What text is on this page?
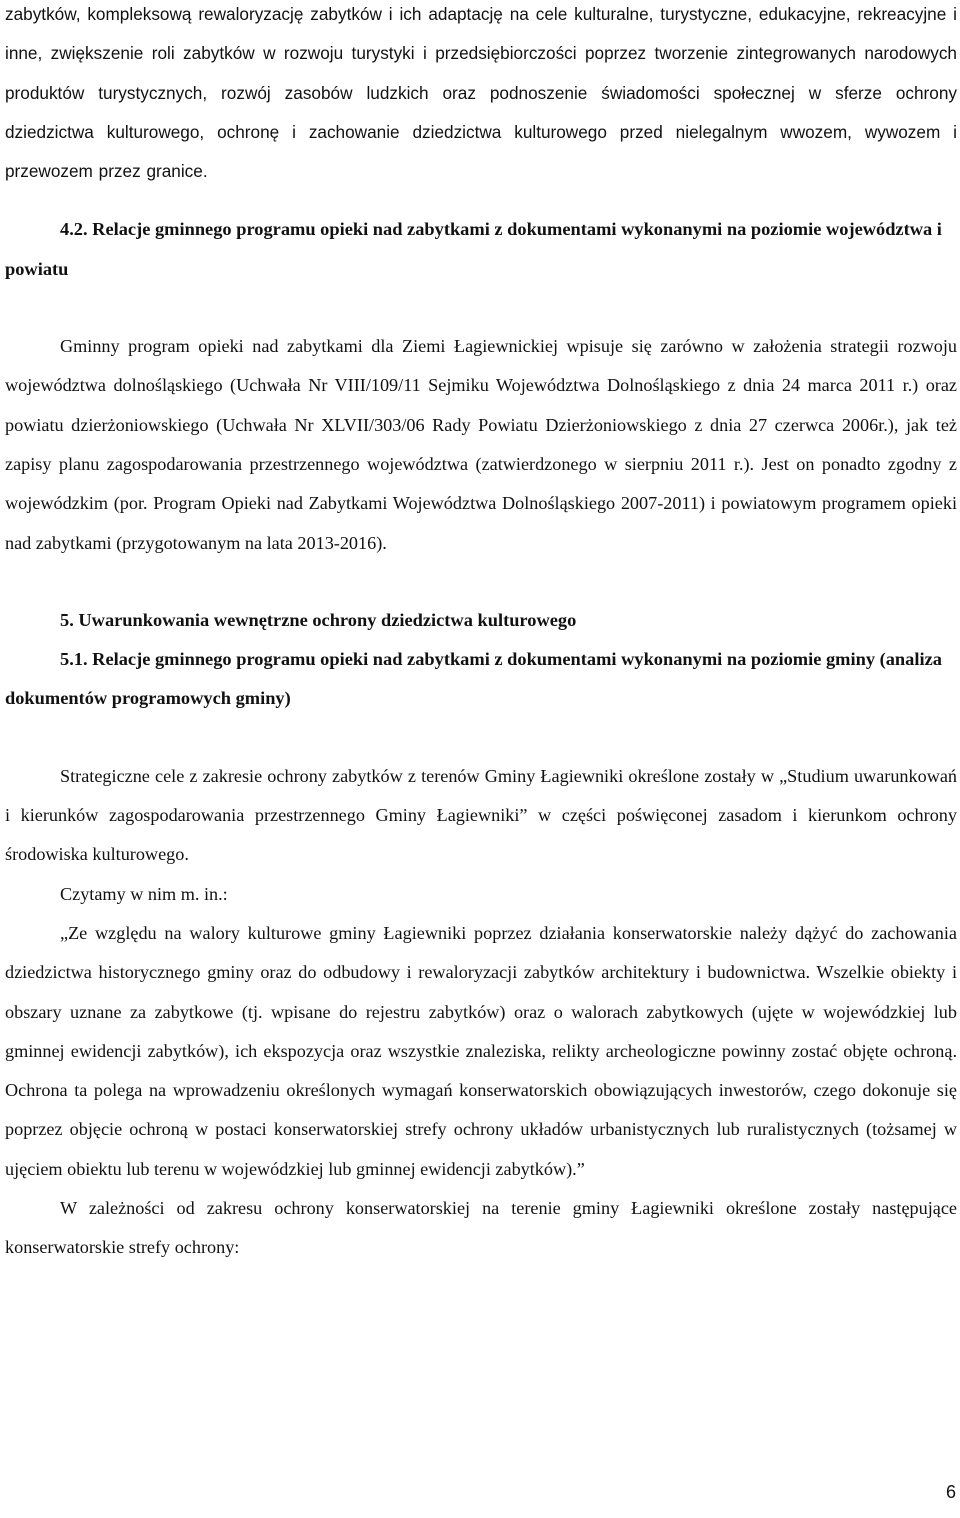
zabytków, kompleksową rewaloryzację zabytków i ich adaptację na cele kulturalne, turystyczne, edukacyjne, rekreacyjne i inne, zwiększenie roli zabytków w rozwoju turystyki i przedsiębiorczości poprzez tworzenie zintegrowanych narodowych produktów turystycznych, rozwój zasobów ludzkich oraz podnoszenie świadomości społecznej w sferze ochrony dziedzictwa kulturowego, ochronę i zachowanie dziedzictwa kulturowego przed nielegalnym wwozem, wywozem i przewozem przez granice.

4.2. Relacje gminnego programu opieki nad zabytkami z dokumentami wykonanymi na poziomie województwa i powiatu

Gminny program opieki nad zabytkami dla Ziemi Łagiewnickiej wpisuje się zarówno w założenia strategii rozwoju województwa dolnośląskiego (Uchwała Nr VIII/109/11 Sejmiku Województwa Dolnośląskiego z dnia 24 marca 2011 r.) oraz powiatu dzierżoniowskiego (Uchwała Nr XLVII/303/06 Rady Powiatu Dzierżoniowskiego z dnia 27 czerwca 2006r.), jak też zapisy planu zagospodarowania przestrzennego województwa (zatwierdzonego w sierpniu 2011 r.). Jest on ponadto zgodny z wojewódzkim (por. Program Opieki nad Zabytkami Województwa Dolnośląskiego 2007-2011) i powiatowym programem opieki nad zabytkami (przygotowanym na lata 2013-2016).

5. Uwarunkowania wewnętrzne ochrony dziedzictwa kulturowego

5.1. Relacje gminnego programu opieki nad zabytkami z dokumentami wykonanymi na poziomie gminy (analiza dokumentów programowych gminy)

Strategiczne cele z zakresie ochrony zabytków z terenów Gminy Łagiewniki określone zostały w „Studium uwarunkowań i kierunków zagospodarowania przestrzennego Gminy Łagiewniki” w części poświęconej zasadom i kierunkom ochrony środowiska kulturowego.

Czytamy w nim m. in.:

„Ze względu na walory kulturowe gminy Łagiewniki poprzez działania konserwatorskie należy dążyć do zachowania dziedzictwa historycznego gminy oraz do odbudowy i rewaloryzacji zabytków architektury i budownictwa. Wszelkie obiekty i obszary uznane za zabytkowe (tj. wpisane do rejestru zabytków) oraz o walorach zabytkowych (ujęte w wojewódzkiej lub gminnej ewidencji zabytków), ich ekspozycja oraz wszystkie znaleziska, relikty archeologiczne powinny zostać objęte ochroną. Ochrona ta polega na wprowadzeniu określonych wymagań konserwatorskich obowiązujących inwestorów, czego dokonuje się poprzez objęcie ochroną w postaci konserwatorskiej strefy ochrony układów urbanistycznych lub ruralistycznych (tożsamej w ujęciem obiektu lub terenu w wojewódzkiej lub gminnej ewidencji zabytków).”

W zależności od zakresu ochrony konserwatorskiej na terenie gminy Łagiewniki określone zostały następujące konserwatorskie strefy ochrony:

6
